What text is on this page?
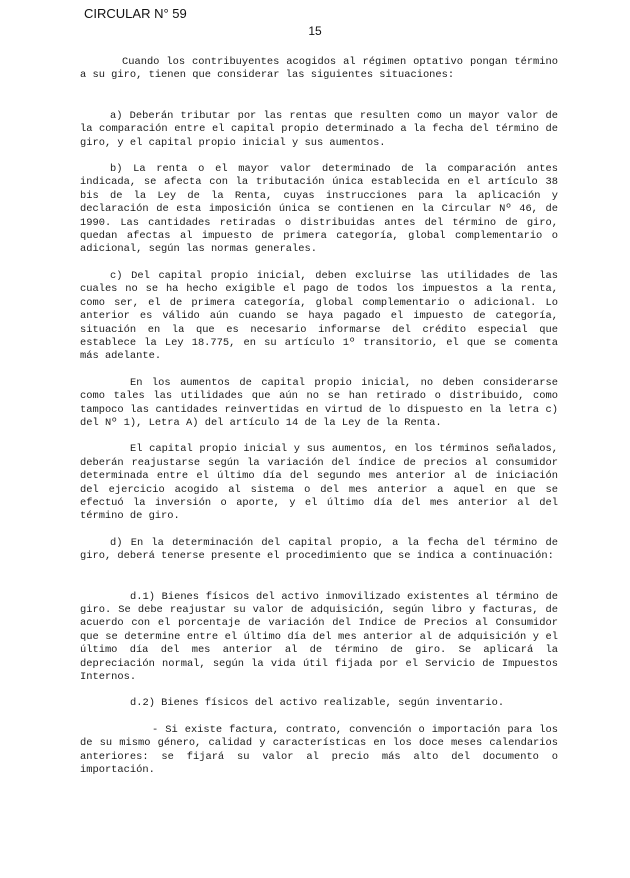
CIRCULAR N° 59
15

Cuando los contribuyentes acogidos al régimen optativo pongan término a su giro, tienen que considerar las siguientes situaciones:

a) Deberán tributar por las rentas que resulten como un mayor valor de la comparación entre el capital propio determinado a la fecha del término de giro, y el capital propio inicial y sus aumentos.

b) La renta o el mayor valor determinado de la comparación antes indicada, se afecta con la tributación única establecida en el artículo 38 bis de la Ley de la Renta, cuyas instrucciones para la aplicación y declaración de esta imposición única se contienen en la Circular Nº 46, de 1990. Las cantidades retiradas o distribuidas antes del término de giro, quedan afectas al impuesto de primera categoría, global complementario o adicional, según las normas generales.

c) Del capital propio inicial, deben excluirse las utilidades de las cuales no se ha hecho exigible el pago de todos los impuestos a la renta, como ser, el de primera categoría, global complementario o adicional. Lo anterior es válido aún cuando se haya pagado el impuesto de categoría, situación en la que es necesario informarse del crédito especial que establece la Ley 18.775, en su artículo 1º transitorio, el que se comenta más adelante.

En los aumentos de capital propio inicial, no deben considerarse como tales las utilidades que aún no se han retirado o distribuido, como tampoco las cantidades reinvertidas en virtud de lo dispuesto en la letra c) del Nº 1), Letra A) del artículo 14 de la Ley de la Renta.

El capital propio inicial y sus aumentos, en los términos señalados, deberán reajustarse según la variación del índice de precios al consumidor determinada entre el último día del segundo mes anterior al de iniciación del ejercicio acogido al sistema o del mes anterior a aquel en que se efectuó la inversión o aporte, y el último día del mes anterior al del término de giro.

d) En la determinación del capital propio, a la fecha del término de giro, deberá tenerse presente el procedimiento que se indica a continuación:

d.1) Bienes físicos del activo inmovilizado existentes al término de giro. Se debe reajustar su valor de adquisición, según libro y facturas, de acuerdo con el porcentaje de variación del Indice de Precios al Consumidor que se determine entre el último día del mes anterior al de adquisición y el último día del mes anterior al de término de giro. Se aplicará la depreciación normal, según la vida útil fijada por el Servicio de Impuestos Internos.

d.2) Bienes físicos del activo realizable, según inventario.

- Si existe factura, contrato, convención o importación para los de su mismo género, calidad y características en los doce meses calendarios anteriores: se fijará su valor al precio más alto del documento o importación.
